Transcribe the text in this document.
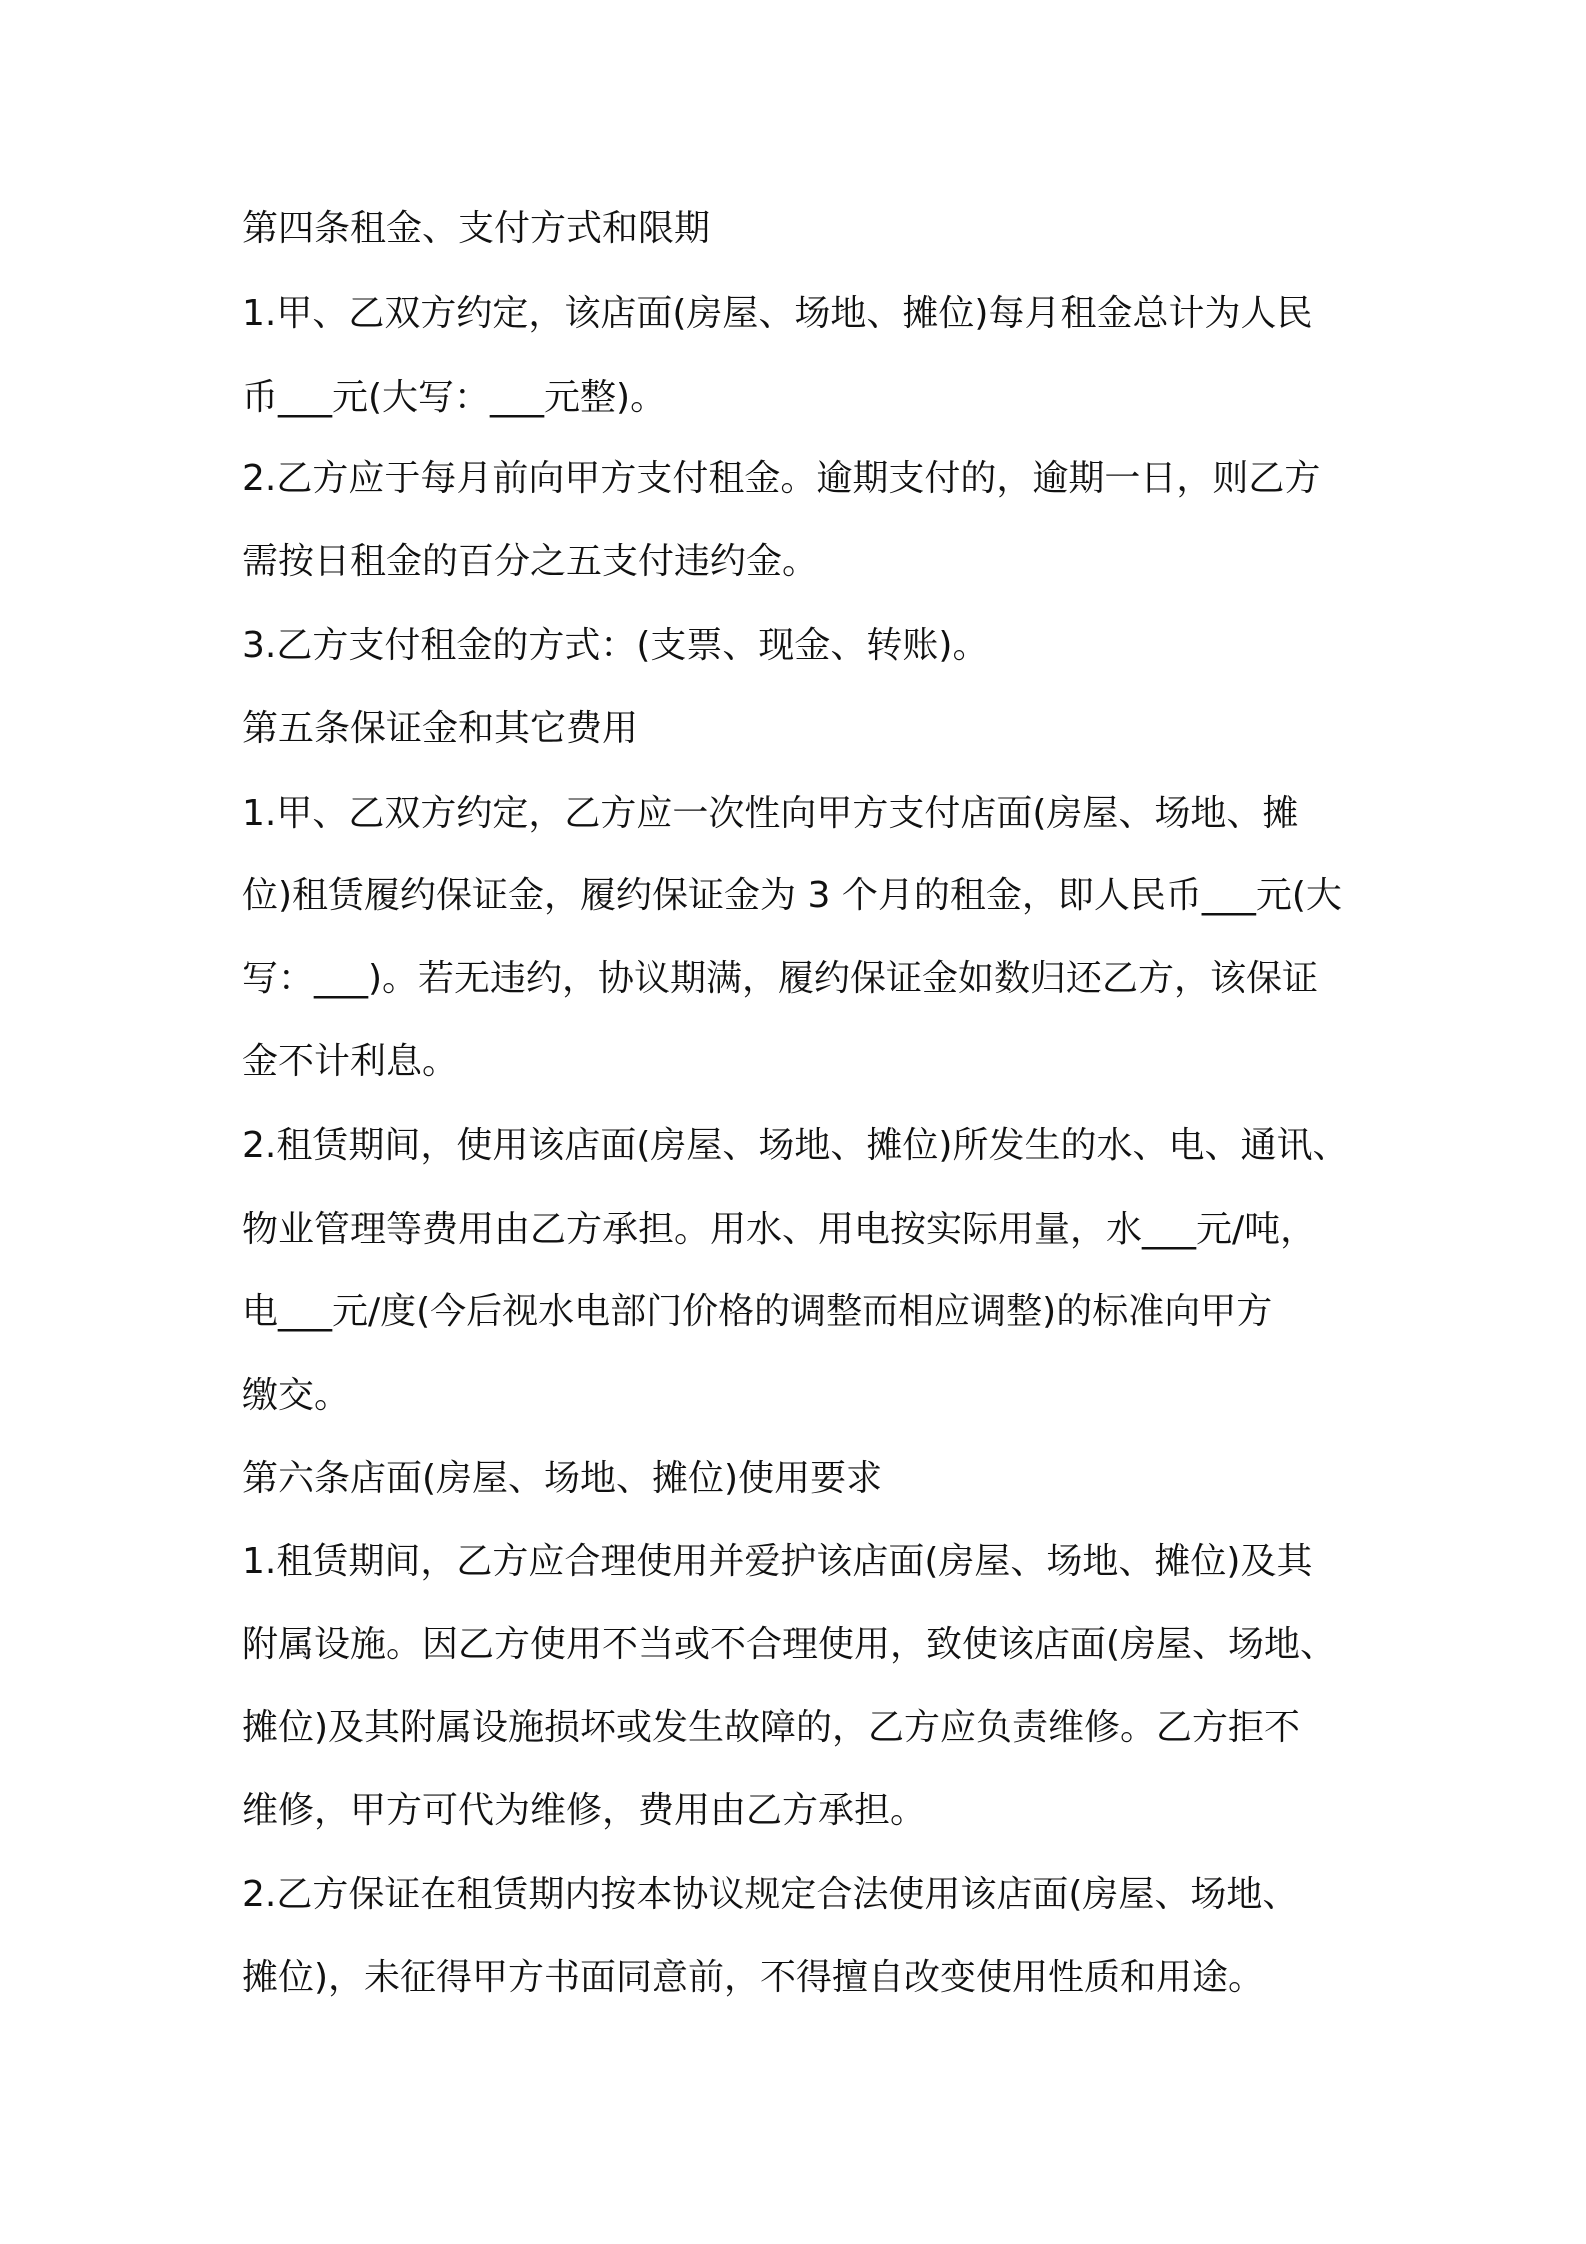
第四条租金、支付方式和限期

1.甲、乙双方约定，该店面(房屋、场地、摊位)每月租金总计为人民

币___元(大写：___元整)。

2.乙方应于每月前向甲方支付租金。逾期支付的，逾期一日，则乙方

需按日租金的百分之五支付违约金。

3.乙方支付租金的方式：(支票、现金、转账)。

第五条保证金和其它费用

1.甲、乙双方约定，乙方应一次性向甲方支付店面(房屋、场地、摊

位)租赁履约保证金，履约保证金为 3 个月的租金，即人民币___元(大

写：___)。若无违约，协议期满，履约保证金如数归还乙方，该保证

金不计利息。

2.租赁期间，使用该店面(房屋、场地、摊位)所发生的水、电、通讯、

物业管理等费用由乙方承担。用水、用电按实际用量，水___元/吨，

电___元/度(今后视水电部门价格的调整而相应调整)的标准向甲方

缴交。

第六条店面(房屋、场地、摊位)使用要求

1.租赁期间，乙方应合理使用并爱护该店面(房屋、场地、摊位)及其

附属设施。因乙方使用不当或不合理使用，致使该店面(房屋、场地、

摊位)及其附属设施损坏或发生故障的，乙方应负责维修。乙方拒不

维修，甲方可代为维修，费用由乙方承担。

2.乙方保证在租赁期内按本协议规定合法使用该店面(房屋、场地、

摊位)，未征得甲方书面同意前，不得擅自改变使用性质和用途。
